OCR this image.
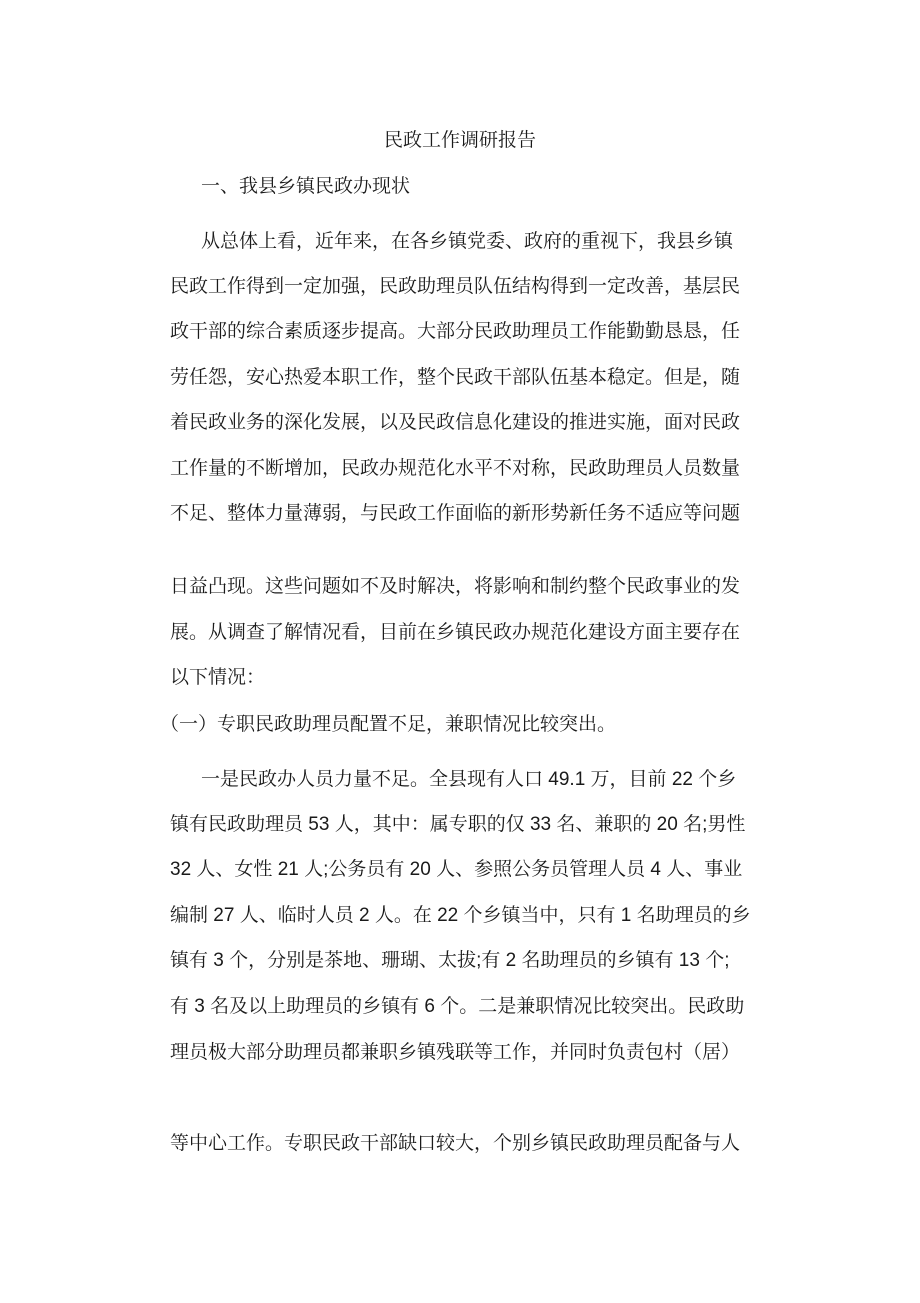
民政工作调研报告
一、我县乡镇民政办现状
从总体上看，近年来，在各乡镇党委、政府的重视下，我县乡镇
民政工作得到一定加强，民政助理员队伍结构得到一定改善，基层民
政干部的综合素质逐步提高。大部分民政助理员工作能勤勤恳恳，任
劳任怨，安心热爱本职工作，整个民政干部队伍基本稳定。但是，随
着民政业务的深化发展，以及民政信息化建设的推进实施，面对民政
工作量的不断增加，民政办规范化水平不对称，民政助理员人员数量
不足、整体力量薄弱，与民政工作面临的新形势新任务不适应等问题
日益凸现。这些问题如不及时解决，将影响和制约整个民政事业的发
展。从调查了解情况看，目前在乡镇民政办规范化建设方面主要存在
以下情况：
（一）专职民政助理员配置不足，兼职情况比较突出。
一是民政办人员力量不足。全县现有人口 49.1 万，目前 22 个乡
镇有民政助理员 53 人，其中：属专职的仅 33 名、兼职的 20 名;男性
32 人、女性 21 人;公务员有 20 人、参照公务员管理人员 4 人、事业
编制 27 人、临时人员 2 人。在 22 个乡镇当中，只有 1 名助理员的乡
镇有 3 个，分别是茶地、珊瑚、太拔;有 2 名助理员的乡镇有 13 个;
有 3 名及以上助理员的乡镇有 6 个。二是兼职情况比较突出。民政助
理员极大部分助理员都兼职乡镇残联等工作，并同时负责包村（居）
等中心工作。专职民政干部缺口较大，个别乡镇民政助理员配备与人
